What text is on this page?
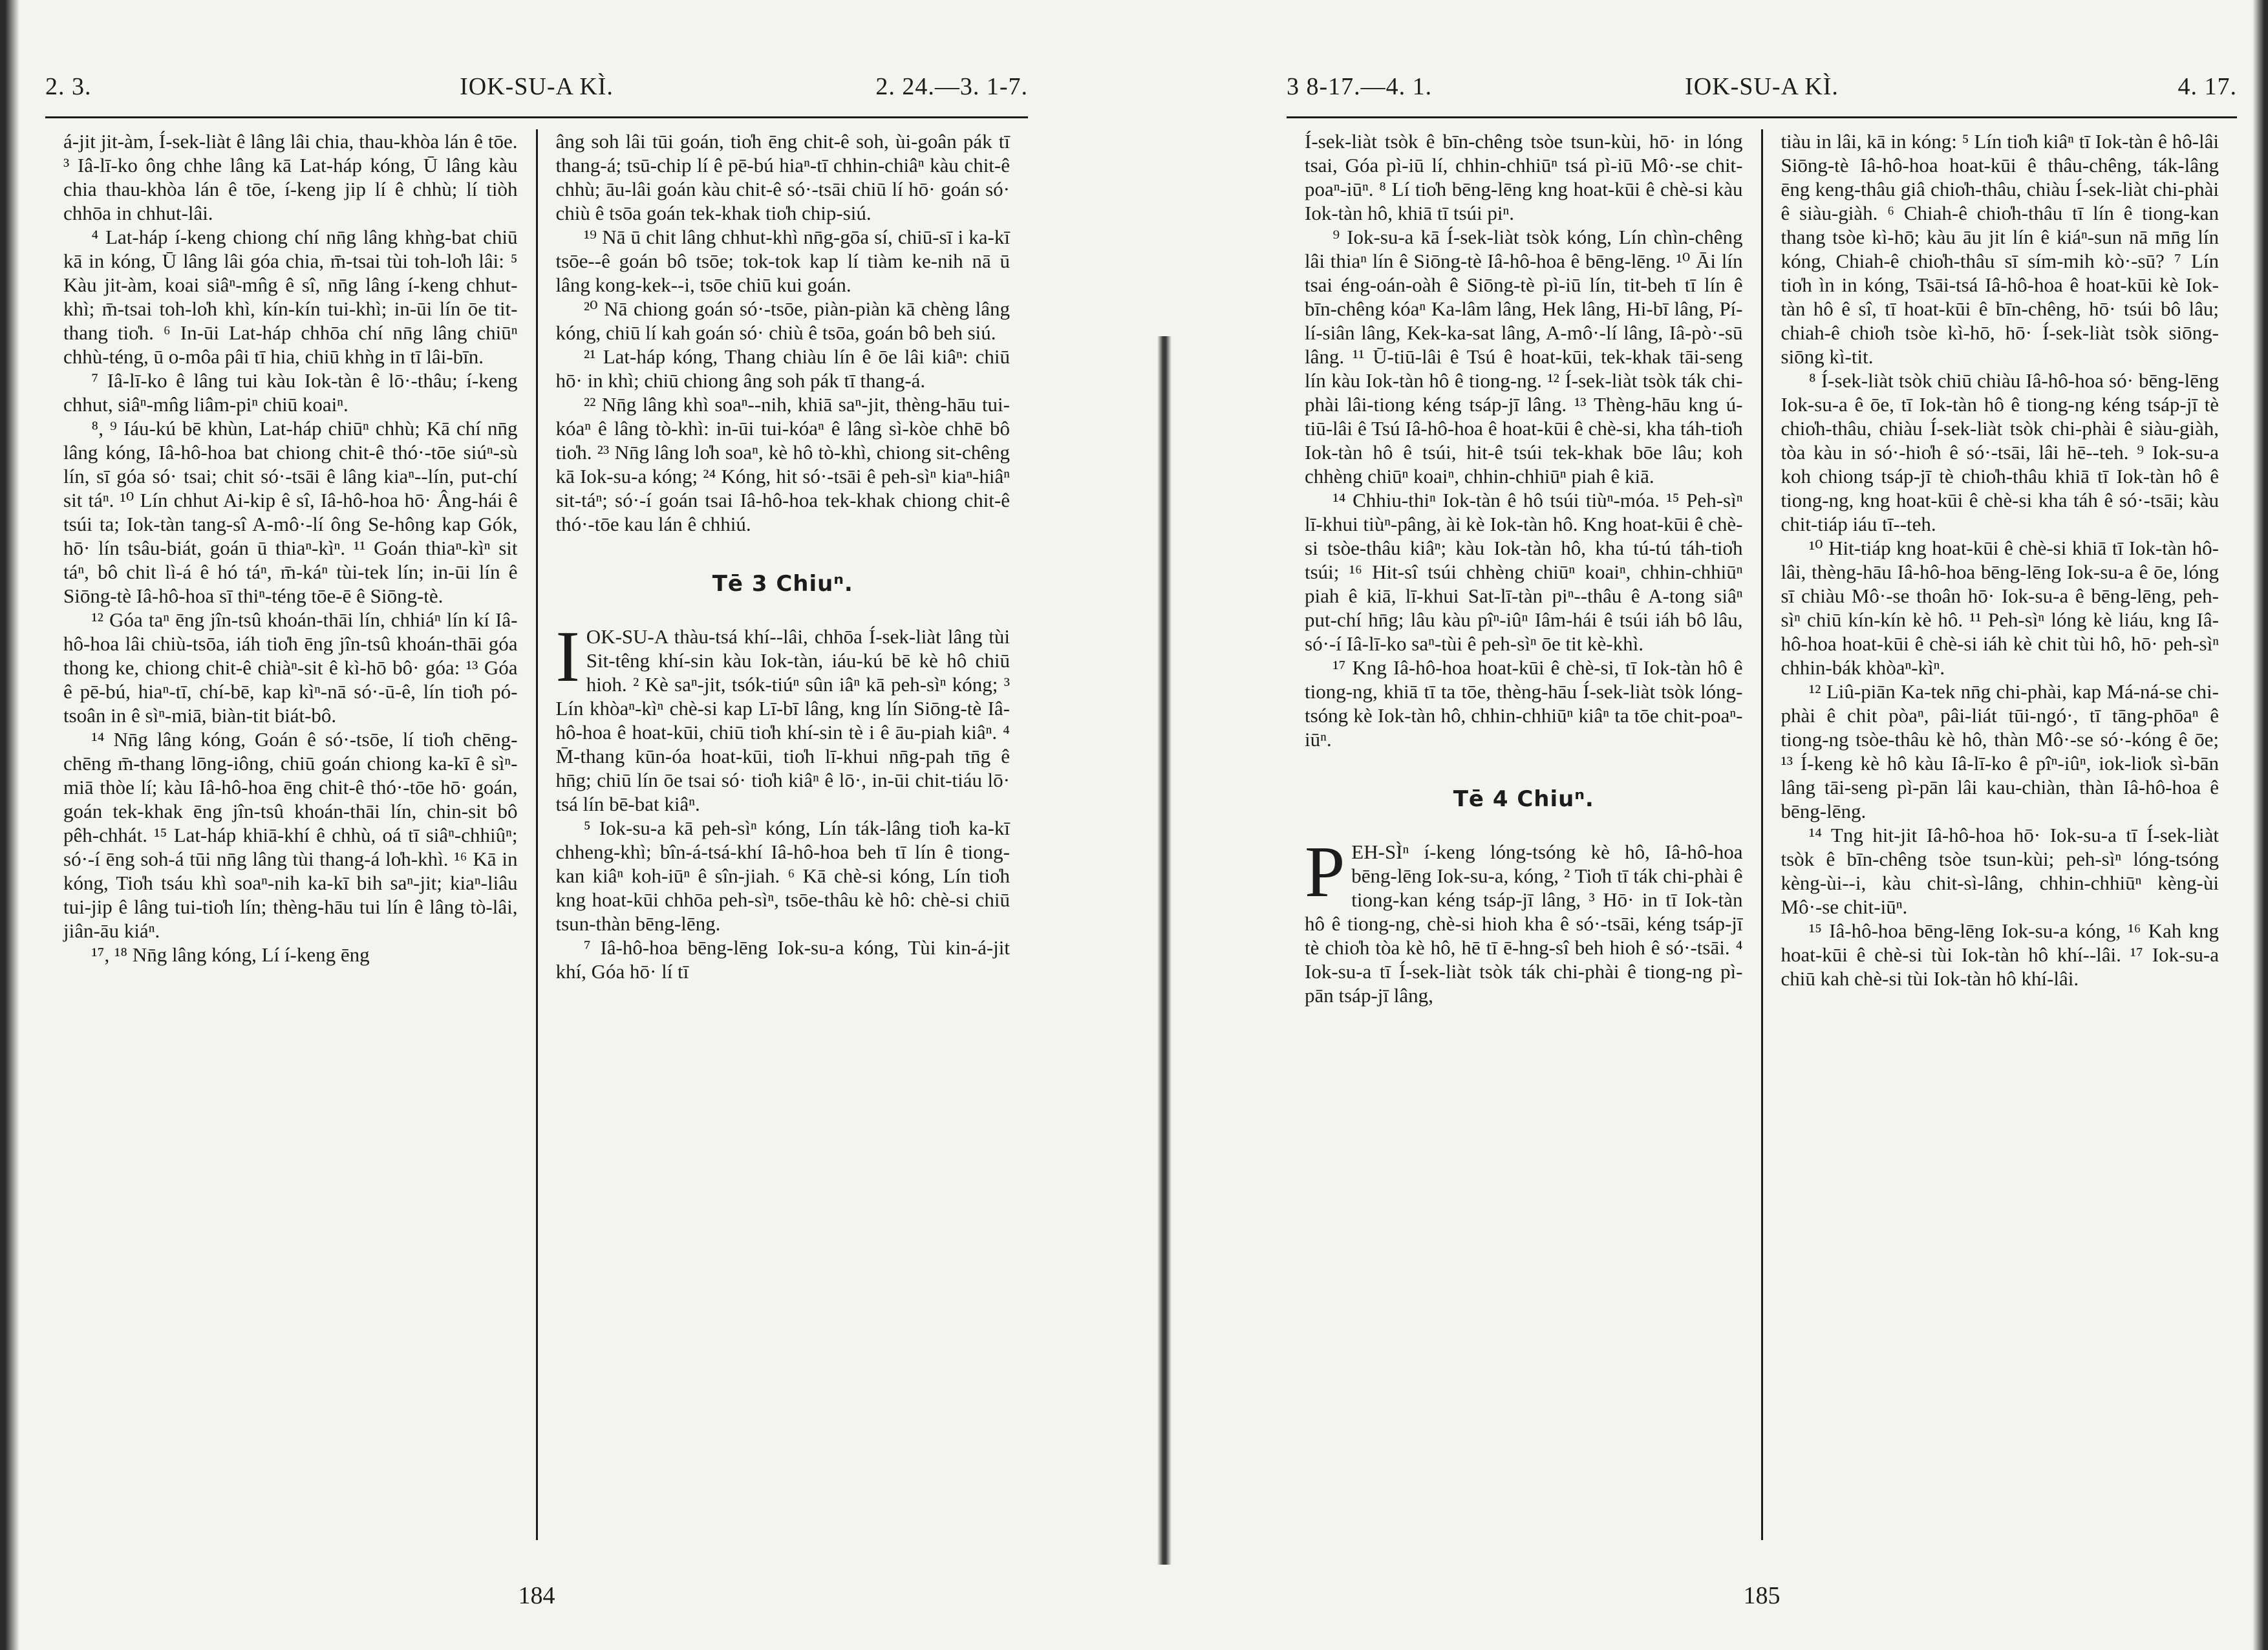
2. 3.	IOK-SU-A KÌ.	2. 24.—3. 1-7.

á-jit jit-àm, Í-sek-liàt ê lâng lâi chia, thau-khòa lán ê tōe. ³ Iâ-lī-ko ông chhe lâng kā Lat-háp kóng, Ū lâng kàu chia thau-khòa lán ê tōe, í-keng jip lí ê chhù; lí tiòh chhōa in chhut-lâi.

⁴ Lat-háp í-keng chiong chí nn̄g lâng khǹg-bat chiū kā in kóng, Ū lâng lâi góa chia, m̄-tsai tùi toh-lo̍h lâi: ⁵ Kàu jit-àm, koai siâⁿ-mn̂g ê sî, nn̄g lâng í-keng chhut-khì; m̄-tsai toh-lo̍h khì, kín-kín tui-khì; in-ūi lín ōe tit-thang tio̍h. ⁶ In-ūi Lat-háp chhōa chí nn̄g lâng chiūⁿ chhù-téng, ū o-môa pâi tī hia, chiū khǹg in tī lâi-bīn.

⁷ Iâ-lī-ko ê lâng tui kàu Iok-tàn ê lō·-thâu; í-keng chhut, siâⁿ-mn̂g liâm-piⁿ chiū koaiⁿ.

⁸, ⁹ Iáu-kú bē khùn, Lat-háp chiūⁿ chhù; Kā chí nn̄g lâng kóng, Iâ-hô-hoa bat chiong chit-ê thó·-tōe siúⁿ-sù lín, sī góa só· tsai; chit só·-tsāi ê lâng kiaⁿ--lín, put-chí sit táⁿ. ¹⁰ Lín chhut Ai-kip ê sî, Iâ-hô-hoa hō· Âng-hái ê tsúi ta; Iok-tàn tang-sî A-mô·-lí ông Se-hông kap Gók, hō· lín tsâu-biát, goán ū thiaⁿ-kìⁿ. ¹¹ Goán thiaⁿ-kìⁿ sit táⁿ, bô chit lì-á ê hó táⁿ, m̄-káⁿ tùi-tek lín; in-ūi lín ê Siōng-tè Iâ-hô-hoa sī thiⁿ-téng tōe-ē ê Siōng-tè.

¹² Góa taⁿ ēng jîn-tsû khoán-thāi lín, chhiáⁿ lín kí Iâ-hô-hoa lâi chiù-tsōa, iáh tio̍h ēng jîn-tsû khoán-thāi góa thong ke, chiong chit-ê chiàⁿ-sit ê kì-hō bô· góa: ¹³ Góa ê pē-bú, hiaⁿ-tī, chí-bē, kap kìⁿ-nā só·-ū-ê, lín tio̍h pó-tsoân in ê sìⁿ-miā, biàn-tit biát-bô.

¹⁴ Nn̄g lâng kóng, Goán ê só·-tsōe, lí tio̍h chēng-chēng m̄-thang lōng-iông, chiū goán chiong ka-kī ê sìⁿ-miā thòe lí; kàu Iâ-hô-hoa ēng chit-ê thó·-tōe hō· goán, goán tek-khak ēng jîn-tsû khoán-thāi lín, chin-sit bô pêh-chhát. ¹⁵ Lat-háp khiā-khí ê chhù, oá tī siâⁿ-chhiûⁿ; só·-í ēng soh-á tūi nn̄g lâng tùi thang-á lo̍h-khì. ¹⁶ Kā in kóng, Tio̍h tsáu khì soaⁿ-nih ka-kī bih saⁿ-jit; kiaⁿ-liâu tui-jip ê lâng tui-tio̍h lín; thèng-hāu tui lín ê lâng tò-lâi, jiân-āu kiáⁿ.

¹⁷, ¹⁸ Nn̄g lâng kóng, Lí í-keng ēng

âng soh lâi tūi goán, tio̍h ēng chit-ê soh, ùi-goân pák tī thang-á; tsū-chip lí ê pē-bú hiaⁿ-tī chhin-chiâⁿ kàu chit-ê chhù; āu-lâi goán kàu chit-ê só·-tsāi chiū lí hō· goán só· chiù ê tsōa goán tek-khak tio̍h chip-siú.

¹⁹ Nā ū chit lâng chhut-khì nn̄g-gōa sí, chiū-sī i ka-kī tsōe--ê goán bô tsōe; tok-tok kap lí tiàm ke-nih nā ū lâng kong-kek--i, tsōe chiū kui goán.

²⁰ Nā chiong goán só·-tsōe, piàn-piàn kā chèng lâng kóng, chiū lí kah goán só· chiù ê tsōa, goán bô beh siú.

²¹ Lat-háp kóng, Thang chiàu lín ê ōe lâi kiâⁿ: chiū hō· in khì; chiū chiong âng soh pák tī thang-á.

²² Nn̄g lâng khì soaⁿ--nih, khiā saⁿ-jit, thèng-hāu tui-kóaⁿ ê lâng tò-khì: in-ūi tui-kóaⁿ ê lâng sì-kòe chhē bô tio̍h. ²³ Nn̄g lâng lo̍h soaⁿ, kè hô tò-khì, chiong sit-chêng kā Iok-su-a kóng; ²⁴ Kóng, hit só·-tsāi ê peh-sìⁿ kiaⁿ-hiâⁿ sit-táⁿ; só·-í goán tsai Iâ-hô-hoa tek-khak chiong chit-ê thó·-tōe kau lán ê chhiú.

Tē 3 Chiuⁿ.

IOK-SU-A thàu-tsá khí--lâi, chhōa Í-sek-liàt lâng tùi Sit-têng khí-sin kàu Iok-tàn, iáu-kú bē kè hô chiū hioh. ² Kè saⁿ-jit, tsók-tiúⁿ sûn iâⁿ kā peh-sìⁿ kóng; ³ Lín khòaⁿ-kìⁿ chè-si kap Lī-bī lâng, kng lín Siōng-tè Iâ-hô-hoa ê hoat-kūi, chiū tio̍h khí-sin tè i ê āu-piah kiâⁿ. ⁴ M̄-thang kūn-óa hoat-kūi, tio̍h lī-khui nn̄g-pah tn̄g ê hn̄g; chiū lín ōe tsai só· tio̍h kiâⁿ ê lō·, in-ūi chit-tiáu lō· tsá lín bē-bat kiâⁿ.

⁵ Iok-su-a kā peh-sìⁿ kóng, Lín ták-lâng tio̍h ka-kī chheng-khì; bîn-á-tsá-khí Iâ-hô-hoa beh tī lín ê tiong-kan kiâⁿ koh-iūⁿ ê sîn-jiah. ⁶ Kā chè-si kóng, Lín tio̍h kng hoat-kūi chhōa peh-sìⁿ, tsōe-thâu kè hô: chè-si chiū tsun-thàn bēng-lēng.

⁷ Iâ-hô-hoa bēng-lēng Iok-su-a kóng, Tùi kin-á-jit khí, Góa hō· lí tī

184
3 8-17.—4. 1.	IOK-SU-A KÌ.	4. 17.

Í-sek-liàt tsòk ê bīn-chêng tsòe tsun-kùi, hō· in lóng tsai, Góa pì-iū lí, chhin-chhiūⁿ tsá pì-iū Mô·-se chit-poaⁿ-iūⁿ. ⁸ Lí tio̍h bēng-lēng kng hoat-kūi ê chè-si kàu Iok-tàn hô, khiā tī tsúi piⁿ.

⁹ Iok-su-a kā Í-sek-liàt tsòk kóng, Lín chìn-chêng lâi thiaⁿ lín ê Siōng-tè Iâ-hô-hoa ê bēng-lēng. ¹⁰ Āi lín tsai éng-oán-oàh ê Siōng-tè pì-iū lín, tit-beh tī lín ê bīn-chêng kóaⁿ Ka-lâm lâng, Hek lâng, Hi-bī lâng, Pí-lí-siân lâng, Kek-ka-sat lâng, A-mô·-lí lâng, Iâ-pò·-sū lâng. ¹¹ Ū-tiū-lâi ê Tsú ê hoat-kūi, tek-khak tāi-seng lín kàu Iok-tàn hô ê tiong-ng. ¹² Í-sek-liàt tsòk ták chi-phài lâi-tiong kéng tsáp-jī lâng. ¹³ Thèng-hāu kng ú-tiū-lâi ê Tsú Iâ-hô-hoa ê hoat-kūi ê chè-si, kha táh-tio̍h Iok-tàn hô ê tsúi, hit-ê tsúi tek-khak bōe lâu; koh chhèng chiūⁿ koaiⁿ, chhin-chhiūⁿ piah ê kiā.

¹⁴ Chhiu-thiⁿ Iok-tàn ê hô tsúi tiùⁿ-móa. ¹⁵ Peh-sìⁿ lī-khui tiùⁿ-pâng, ài kè Iok-tàn hô. Kng hoat-kūi ê chè-si tsòe-thâu kiâⁿ; kàu Iok-tàn hô, kha tú-tú táh-tio̍h tsúi; ¹⁶ Hit-sî tsúi chhèng chiūⁿ koaiⁿ, chhin-chhiūⁿ piah ê kiā, lī-khui Sat-lī-tàn piⁿ--thâu ê A-tong siâⁿ put-chí hn̄g; lâu kàu pîⁿ-iûⁿ Iâm-hái ê tsúi iáh bô lâu, só·-í Iâ-lī-ko saⁿ-tùi ê peh-sìⁿ ōe tit kè-khì.

¹⁷ Kng Iâ-hô-hoa hoat-kūi ê chè-si, tī Iok-tàn hô ê tiong-ng, khiā tī ta tōe, thèng-hāu Í-sek-liàt tsòk lóng-tsóng kè Iok-tàn hô, chhin-chhiūⁿ kiâⁿ ta tōe chit-poaⁿ-iūⁿ.

Tē 4 Chiuⁿ.

PEH-SÌⁿ í-keng lóng-tsóng kè hô, Iâ-hô-hoa bēng-lēng Iok-su-a, kóng, ² Tio̍h tī ták chi-phài ê tiong-kan kéng tsáp-jī lâng, ³ Hō· in tī Iok-tàn hô ê tiong-ng, chè-si hioh kha ê só·-tsāi, kéng tsáp-jī tè chio̍h tòa kè hô, hē tī ē-hng-sî beh hioh ê só·-tsāi. ⁴ Iok-su-a tī Í-sek-liàt tsòk ták chi-phài ê tiong-ng pì-pān tsáp-jī lâng,

tiàu in lâi, kā in kóng: ⁵ Lín tio̍h kiâⁿ tī Iok-tàn ê hô-lâi Siōng-tè Iâ-hô-hoa hoat-kūi ê thâu-chêng, ták-lâng ēng keng-thâu giâ chio̍h-thâu, chiàu Í-sek-liàt chi-phài ê siàu-giàh. ⁶ Chiah-ê chio̍h-thâu tī lín ê tiong-kan thang tsòe kì-hō; kàu āu jit lín ê kiáⁿ-sun nā mn̄g lín kóng, Chiah-ê chio̍h-thâu sī sím-mih kò·-sū? ⁷ Lín tio̍h ìn in kóng, Tsāi-tsá Iâ-hô-hoa ê hoat-kūi kè Iok-tàn hô ê sî, tī hoat-kūi ê bīn-chêng, hō· tsúi bô lâu; chiah-ê chio̍h tsòe kì-hō, hō· Í-sek-liàt tsòk siōng-siōng kì-tit.

⁸ Í-sek-liàt tsòk chiū chiàu Iâ-hô-hoa só· bēng-lēng Iok-su-a ê ōe, tī Iok-tàn hô ê tiong-ng kéng tsáp-jī tè chio̍h-thâu, chiàu Í-sek-liàt tsòk chi-phài ê siàu-giàh, tòa kàu in só·-hio̍h ê só·-tsāi, lâi hē--teh. ⁹ Iok-su-a koh chiong tsáp-jī tè chio̍h-thâu khiā tī Iok-tàn hô ê tiong-ng, kng hoat-kūi ê chè-si kha táh ê só·-tsāi; kàu chit-tiáp iáu tī--teh.

¹⁰ Hit-tiáp kng hoat-kūi ê chè-si khiā tī Iok-tàn hô-lâi, thèng-hāu Iâ-hô-hoa bēng-lēng Iok-su-a ê ōe, lóng sī chiàu Mô·-se thoân hō· Iok-su-a ê bēng-lēng, peh-sìⁿ chiū kín-kín kè hô. ¹¹ Peh-sìⁿ lóng kè liáu, kng Iâ-hô-hoa hoat-kūi ê chè-si iáh kè chit tùi hô, hō· peh-sìⁿ chhin-bák khòaⁿ-kìⁿ.

¹² Liû-piān Ka-tek nn̄g chi-phài, kap Má-ná-se chi-phài ê chit pòaⁿ, pâi-liát tūi-ngó·, tī tāng-phōaⁿ ê tiong-ng tsòe-thâu kè hô, thàn Mô·-se só·-kóng ê ōe; ¹³ Í-keng kè hô kàu Iâ-lī-ko ê pîⁿ-iûⁿ, iok-lio̍k sì-bān lâng tāi-seng pì-pān lâi kau-chiàn, thàn Iâ-hô-hoa ê bēng-lēng.

¹⁴ Tng hit-jit Iâ-hô-hoa hō· Iok-su-a tī Í-sek-liàt tsòk ê bīn-chêng tsòe tsun-kùi; peh-sìⁿ lóng-tsóng kèng-ùi--i, kàu chit-sì-lâng, chhin-chhiūⁿ kèng-ùi Mô·-se chit-iūⁿ.

¹⁵ Iâ-hô-hoa bēng-lēng Iok-su-a kóng, ¹⁶ Kah kng hoat-kūi ê chè-si tùi Iok-tàn hô khí--lâi. ¹⁷ Iok-su-a chiū kah chè-si tùi Iok-tàn hô khí-lâi.

185
